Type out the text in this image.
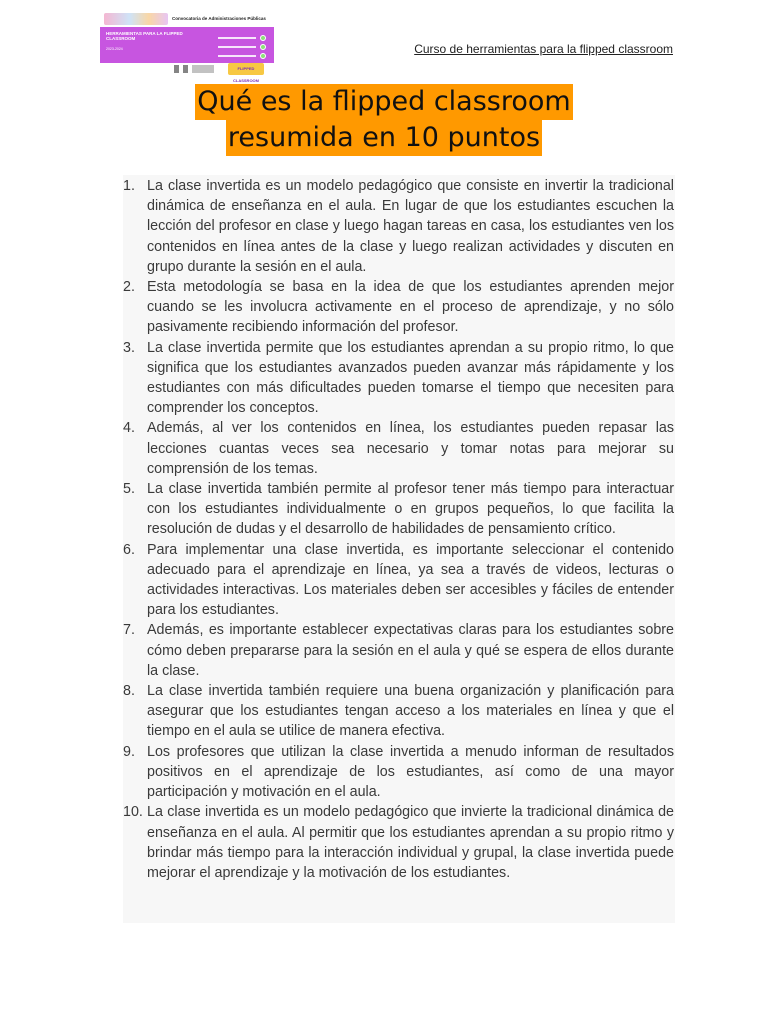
Convocatoria de Administraciones Públicas
HERRAMIENTAS PARA LA FLIPPED CLASSROOM
2023-2024
FLIPPED CLASSROOM
Curso de herramientas para la flipped classroom
Qué es la flipped classroom
resumida en 10 puntos
1. La clase invertida es un modelo pedagógico que consiste en invertir la tradicional dinámica de enseñanza en el aula. En lugar de que los estudiantes escuchen la lección del profesor en clase y luego hagan tareas en casa, los estudiantes ven los contenidos en línea antes de la clase y luego realizan actividades y discuten en grupo durante la sesión en el aula.
2. Esta metodología se basa en la idea de que los estudiantes aprenden mejor cuando se les involucra activamente en el proceso de aprendizaje, y no sólo pasivamente recibiendo información del profesor.
3. La clase invertida permite que los estudiantes aprendan a su propio ritmo, lo que significa que los estudiantes avanzados pueden avanzar más rápidamente y los estudiantes con más dificultades pueden tomarse el tiempo que necesiten para comprender los conceptos.
4. Además, al ver los contenidos en línea, los estudiantes pueden repasar las lecciones cuantas veces sea necesario y tomar notas para mejorar su comprensión de los temas.
5. La clase invertida también permite al profesor tener más tiempo para interactuar con los estudiantes individualmente o en grupos pequeños, lo que facilita la resolución de dudas y el desarrollo de habilidades de pensamiento crítico.
6. Para implementar una clase invertida, es importante seleccionar el contenido adecuado para el aprendizaje en línea, ya sea a través de videos, lecturas o actividades interactivas. Los materiales deben ser accesibles y fáciles de entender para los estudiantes.
7. Además, es importante establecer expectativas claras para los estudiantes sobre cómo deben prepararse para la sesión en el aula y qué se espera de ellos durante la clase.
8. La clase invertida también requiere una buena organización y planificación para asegurar que los estudiantes tengan acceso a los materiales en línea y que el tiempo en el aula se utilice de manera efectiva.
9. Los profesores que utilizan la clase invertida a menudo informan de resultados positivos en el aprendizaje de los estudiantes, así como de una mayor participación y motivación en el aula.
10. La clase invertida es un modelo pedagógico que invierte la tradicional dinámica de enseñanza en el aula. Al permitir que los estudiantes aprendan a su propio ritmo y brindar más tiempo para la interacción individual y grupal, la clase invertida puede mejorar el aprendizaje y la motivación de los estudiantes.
